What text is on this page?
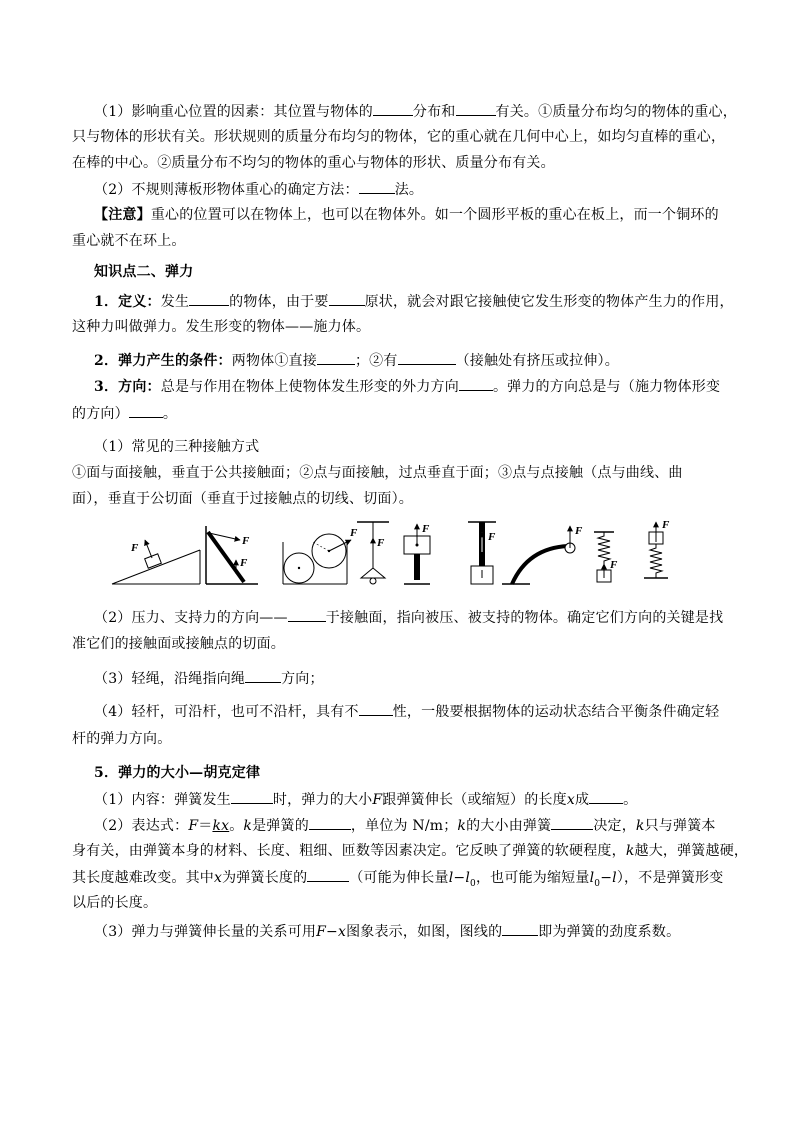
（1）影响重心位置的因素：其位置与物体的	分布和	有关。①质量分布均匀的物体的重心，
只与物体的形状有关。形状规则的质量分布均匀的物体，它的重心就在几何中心上，如均匀直棒的重心，
在棒的中心。②质量分布不均匀的物体的重心与物体的形状、质量分布有关。
（2）不规则薄板形物体重心的确定方法：	法。
【注意】重心的位置可以在物体上，也可以在物体外。如一个圆形平板的重心在板上，而一个铜环的
重心就不在环上。
知识点二、弹力
1．定义：发生	的物体，由于要	原状，就会对跟它接触使它发生形变的物体产生力的作用，
这种力叫做弹力。发生形变的物体——施力体。
2．弹力产生的条件：两物体①直接	；②有	（接触处有挤压或拉伸）。
3．方向：总是与作用在物体上使物体发生形变的外力方向 。弹力的方向总是与（施力物体形变
的方向） 。
（1）常见的三种接触方式
①面与面接触，垂直于公共接触面；②点与面接触，过点垂直于面；③点与点接触（点与曲线、曲
面），垂直于公切面（垂直于过接触点的切线、切面）。
F
F
F
F
F
F
F	F
F
F
（2）压力、支持力的方向——	于接触面，指向被压、被支持的物体。确定它们方向的关键是找
准它们的接触面或接触点的切面。
（3）轻绳，沿绳指向绳	方向；
（4）轻杆，可沿杆，也可不沿杆，具有不 性，一般要根据物体的运动状态结合平衡条件确定轻
杆的弹力方向。
5．弹力的大小—胡克定律
（1）内容：弹簧发生	时，弹力的大小F跟弹簧伸长（或缩短）的长度x成 。
（2）表达式：F＝kx。k是弹簧的	，单位为 N/m；k的大小由弹簧	决定，k只与弹簧本
身有关，由弹簧本身的材料、长度、粗细、匝数等因素决定。它反映了弹簧的软硬程度，k越大，弹簧越硬，
其长度越难改变。其中x为弹簧长度的	（可能为伸长量$l-l_0$，也可能为缩短量$l_0-l$），不是弹簧形变
以后的长度。
（3）弹力与弹簧伸长量的关系可用F−x图象表示，如图，图线的	即为弹簧的劲度系数。
